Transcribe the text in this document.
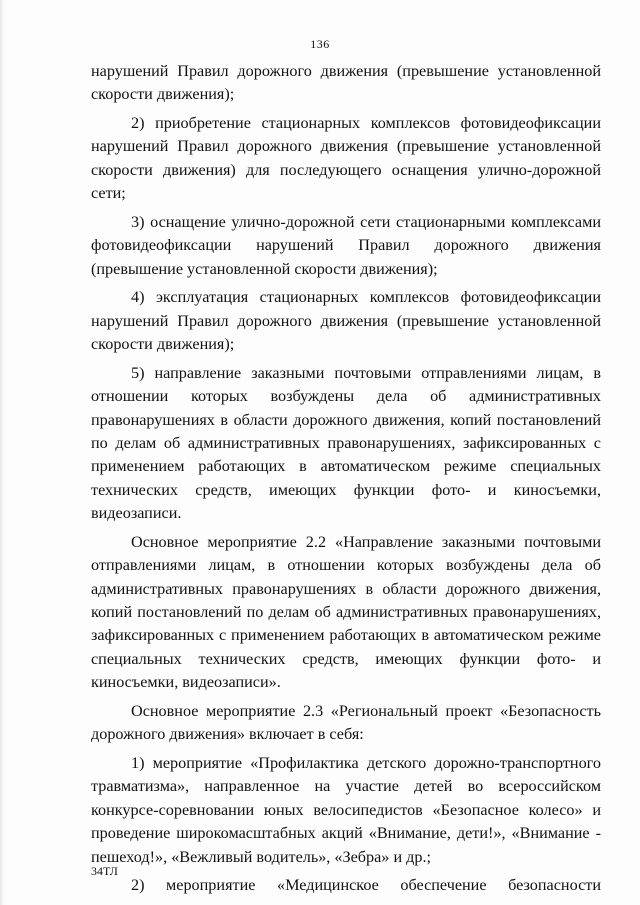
136
нарушений Правил дорожного движения (превышение установленной
скорости движения);
2) приобретение стационарных комплексов фотовидеофиксации
нарушений Правил дорожного движения (превышение установленной
скорости движения) для последующего оснащения улично-дорожной
сети;
3) оснащение улично-дорожной сети стационарными комплексами
фотовидеофиксации нарушений Правил дорожного движения
(превышение установленной скорости движения);
4) эксплуатация стационарных комплексов фотовидеофиксации
нарушений Правил дорожного движения (превышение установленной
скорости движения);
5) направление заказными почтовыми отправлениями лицам, в
отношении которых возбуждены дела об административных
правонарушениях в области дорожного движения, копий постановлений
по делам об административных правонарушениях, зафиксированных с
применением работающих в автоматическом режиме специальных
технических средств, имеющих функции фото- и киносъемки,
видеозаписи.
Основное мероприятие 2.2 «Направление заказными почтовыми
отправлениями лицам, в отношении которых возбуждены дела об
административных правонарушениях в области дорожного движения,
копий постановлений по делам об административных правонарушениях,
зафиксированных с применением работающих в автоматическом режиме
специальных технических средств, имеющих функции фото- и
киносъемки, видеозаписи».
Основное мероприятие 2.3 «Региональный проект «Безопасность
дорожного движения» включает в себя:
1) мероприятие «Профилактика детского дорожно-транспортного
травматизма», направленное на участие детей во всероссийском
конкурсе-соревновании юных велосипедистов «Безопасное колесо» и
проведение широкомасштабных акций «Внимание, дети!», «Внимание -
пешеход!», «Вежливый водитель», «Зебра» и др.;
2) мероприятие «Медицинское обеспечение безопасности
34ТЛ
